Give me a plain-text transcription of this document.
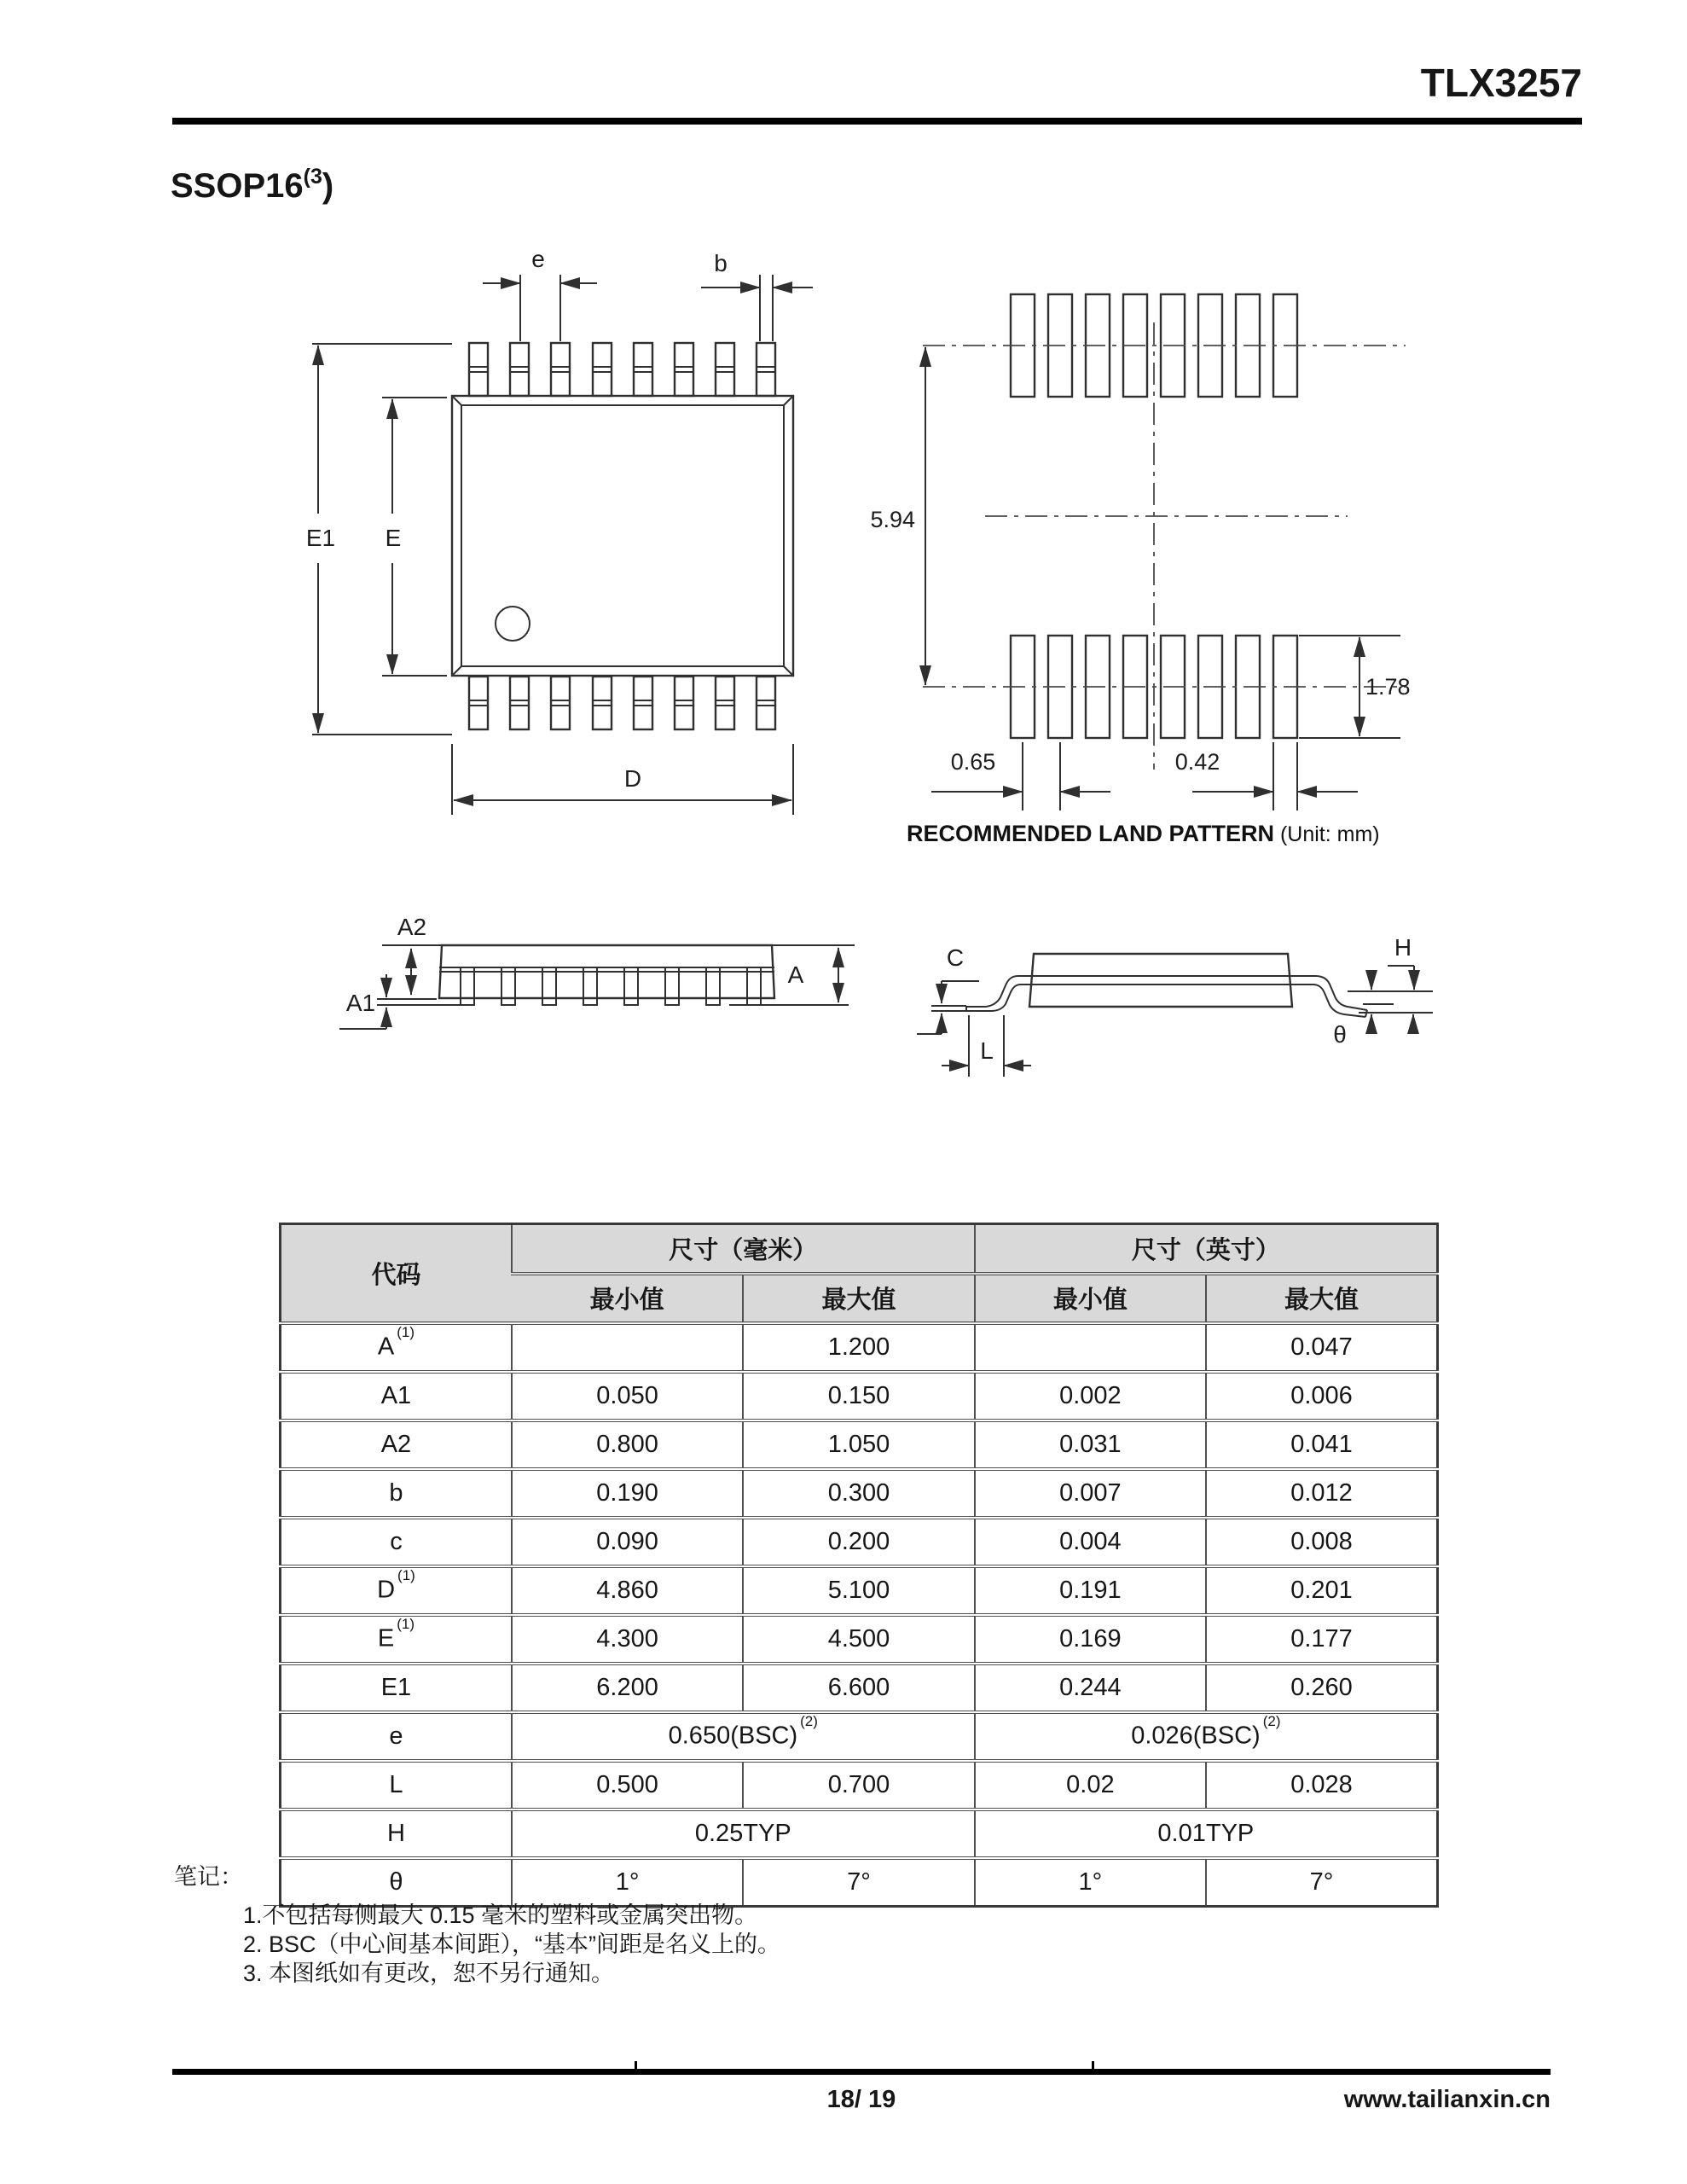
TLX3257
SSOP16$^{(3}$)
e	b
E1 E
D
5.94
1.78
0.65	0.42
RECOMMENDED LAND PATTERN (Unit: mm)
A2
A1
A
C
L
H
θ
代码	尺寸（毫米）		尺寸（英寸）	
	最小值	最大值	最小值	最大值
$A^{(1)}$		1.200		0.047
A1	0.050	0.150	0.002	0.006
A2	0.800	1.050	0.031	0.041
b	0.190	0.300	0.007	0.012
c	0.090	0.200	0.004	0.008
$D^{(1)}$	4.860	5.100	0.191	0.201
$E^{(1)}$	4.300	4.500	0.169	0.177
E1	6.200	6.600	0.244	0.260
e	0.650(BSC)$^{(2)}$		0.026(BSC)$^{(2)}$
L	0.500	0.700	0.02	0.028
H	0.25TYP		0.01TYP	
θ	1°	7°	1°	7°
笔记：
1.不包括每侧最大 0.15 毫米的塑料或金属突出物。
2. BSC（中心间基本间距），“基本”间距是名义上的。
3. 本图纸如有更改，恕不另行通知。
18/ 19	www.tailianxin.cn
